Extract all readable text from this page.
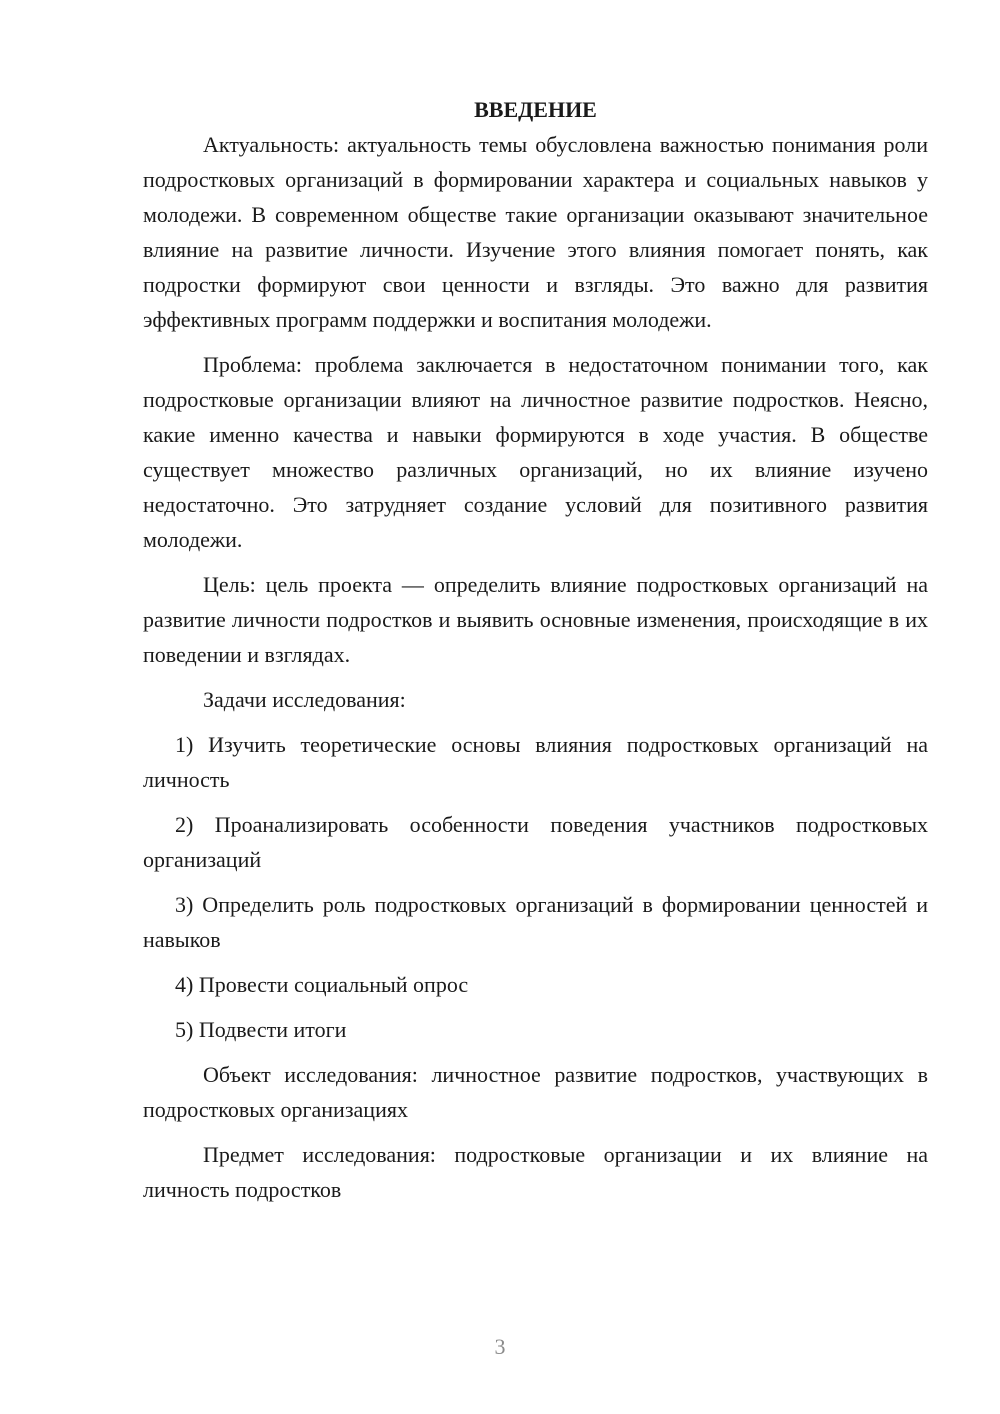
ВВЕДЕНИЕ

Актуальность: актуальность темы обусловлена важностью понимания роли подростковых организаций в формировании характера и социальных навыков у молодежи. В современном обществе такие организации оказывают значительное влияние на развитие личности. Изучение этого влияния помогает понять, как подростки формируют свои ценности и взгляды. Это важно для развития эффективных программ поддержки и воспитания молодежи.

Проблема: проблема заключается в недостаточном понимании того, как подростковые организации влияют на личностное развитие подростков. Неясно, какие именно качества и навыки формируются в ходе участия. В обществе существует множество различных организаций, но их влияние изучено недостаточно. Это затрудняет создание условий для позитивного развития молодежи.

Цель: цель проекта — определить влияние подростковых организаций на развитие личности подростков и выявить основные изменения, происходящие в их поведении и взглядах.

Задачи исследования:

1) Изучить теоретические основы влияния подростковых организаций на личность

2) Проанализировать особенности поведения участников подростковых организаций

3) Определить роль подростковых организаций в формировании ценностей и навыков

4) Провести социальный опрос

5) Подвести итоги

Объект исследования: личностное развитие подростков, участвующих в подростковых организациях

Предмет исследования: подростковые организации и их влияние на личность подростков

3
